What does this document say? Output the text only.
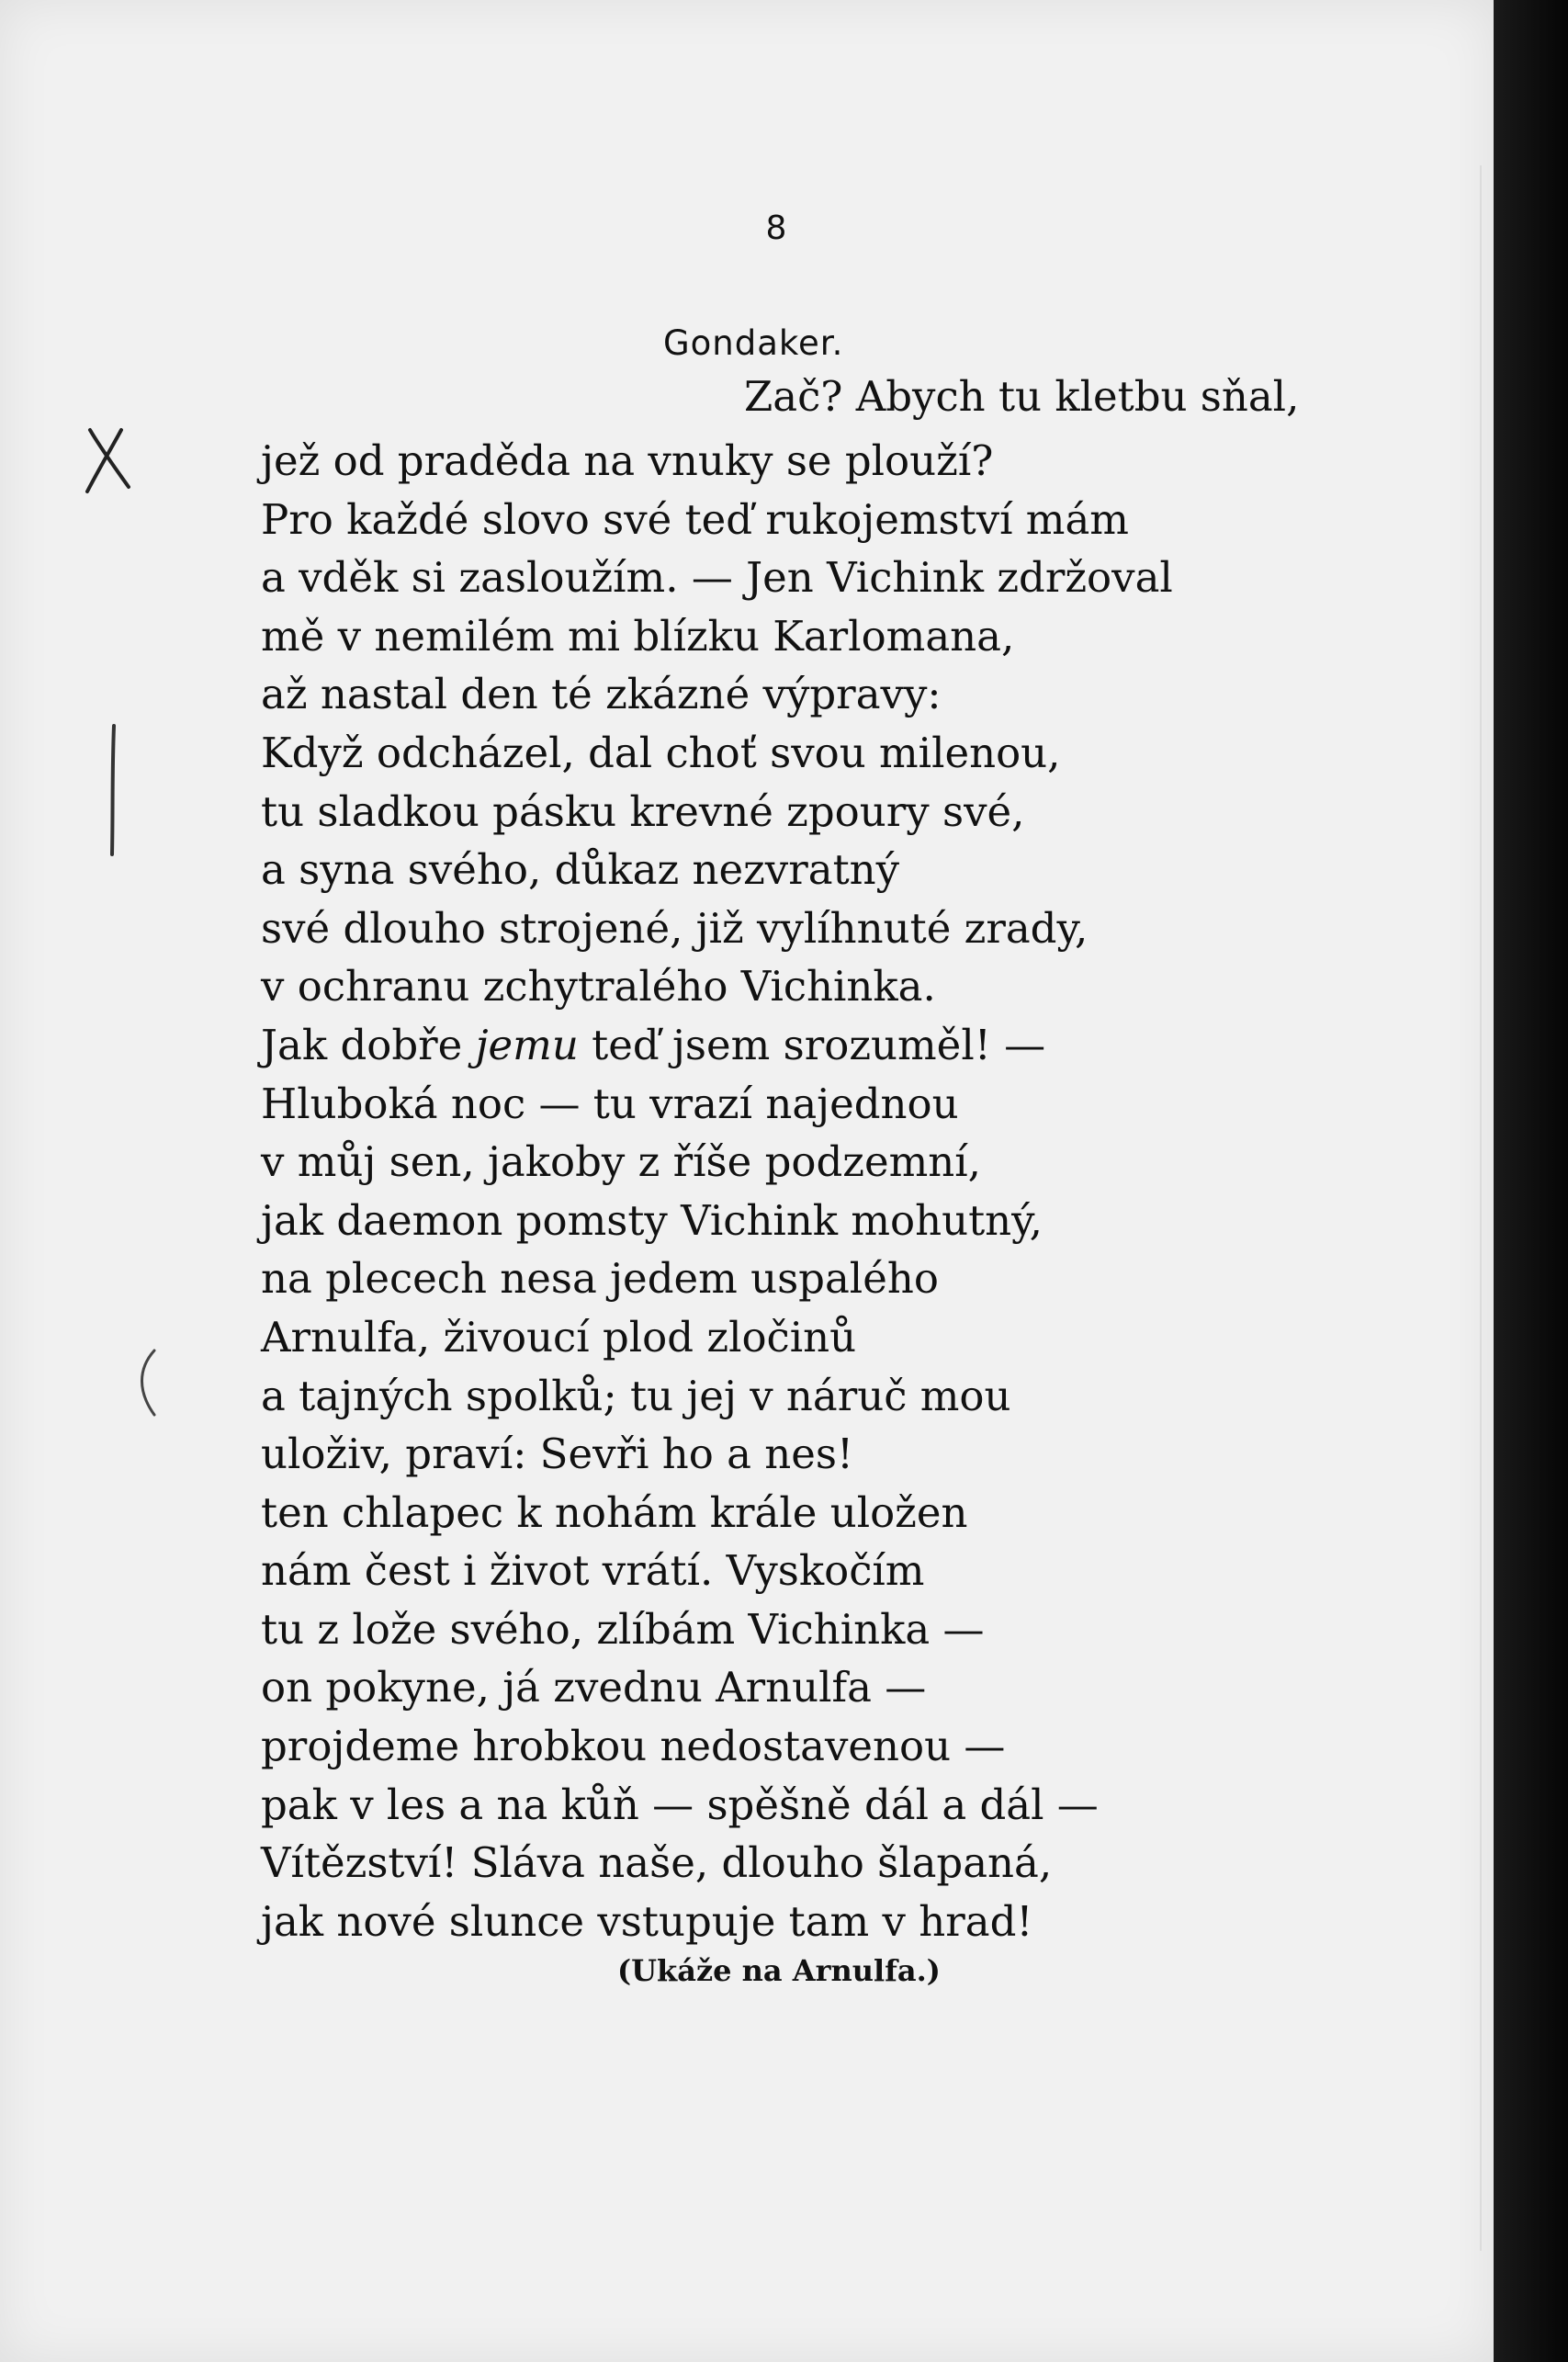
8
Gondaker.
Zač? Abych tu kletbu sňal,
jež od praděda na vnuky se plouží?
Pro každé slovo své teď rukojemství mám
a vděk si zasloužím. — Jen Vichink zdržoval
mě v nemilém mi blízku Karlomana,
až nastal den té zkázné výpravy:
Když odcházel, dal choť svou milenou,
tu sladkou pásku krevné zpoury své,
a syna svého, důkaz nezvratný
své dlouho strojené, již vylíhnuté zrady,
v ochranu zchytralého Vichinka.
Jak dobře jemu teď jsem srozuměl! —
Hluboká noc — tu vrazí najednou
v můj sen, jakoby z říše podzemní,
jak daemon pomsty Vichink mohutný,
na plecech nesa jedem uspalého
Arnulfa, živoucí plod zločinů
a tajných spolků; tu jej v náruč mou
uloživ, praví: Sevři ho a nes!
ten chlapec k nohám krále uložen
nám čest i život vrátí. Vyskočím
tu z lože svého, zlíbám Vichinka —
on pokyne, já zvednu Arnulfa —
projdeme hrobkou nedostavenou —
pak v les a na kůň — spěšně dál a dál —
Vítězství! Sláva naše, dlouho šlapaná,
jak nové slunce vstupuje tam v hrad!
(Ukáže na Arnulfa.)
